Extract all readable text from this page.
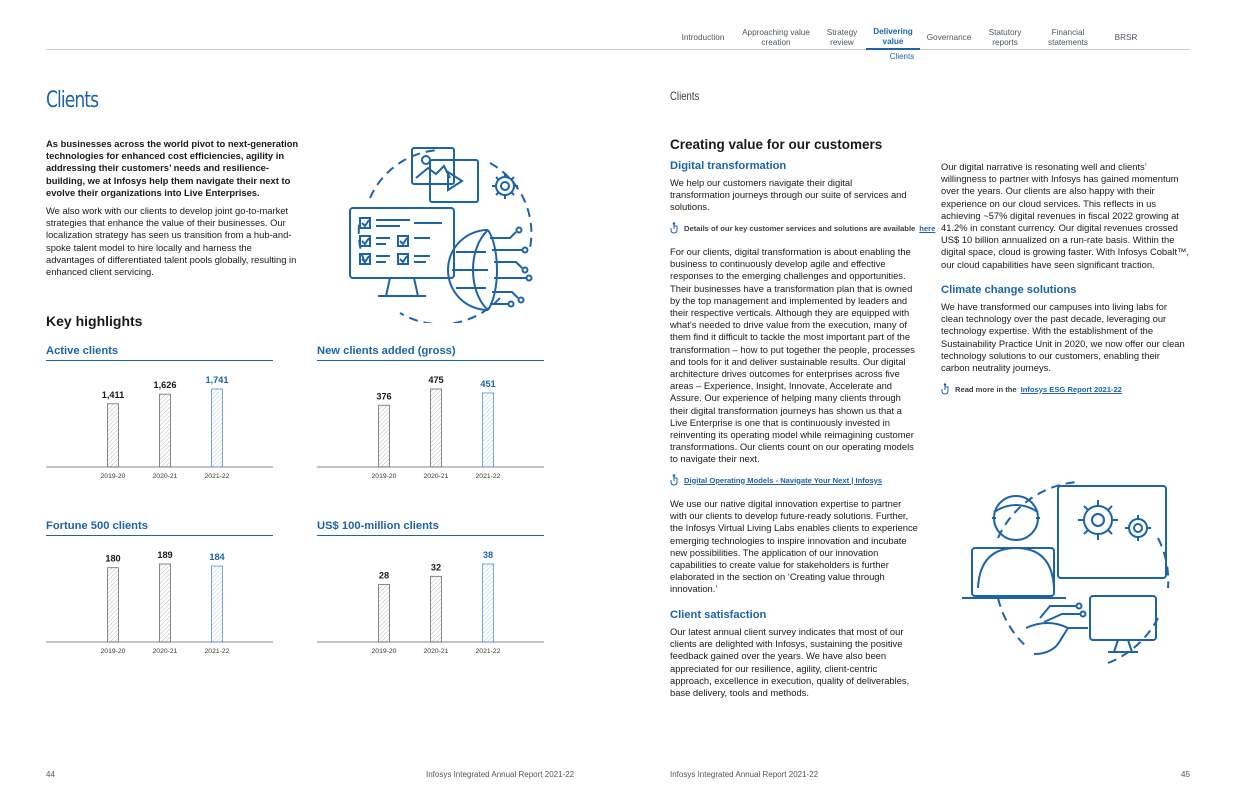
Introduction
Approaching value creation
Strategy review
Delivering value	Governance
Statutory reports
Financial statements
BRSR
Clients
Clients
As businesses across the world pivot to next-generation technologies for enhanced cost efficiencies, agility in addressing their customers’ needs and resilience-building, we at Infosys help them navigate their next to evolve their organizations into Live Enterprises.
We also work with our clients to develop joint go-to-market strategies that enhance the value of their businesses. Our localization strategy has seen us transition from a hub-and-spoke talent model to hire locally and harness the advantages of differentiated talent pools globally, resulting in enhanced client servicing.
Key highlights
Active clients
1,411
2019-20
1,626
2020-21
1,741
2021-22
New clients added (gross)
376
2019-20
475
2020-21
451
2021-22
Fortune 500 clients
180
2019-20
189
2020-21
184
2021-22
US$ 100-million clients
28
2019-20
32
2020-21
38
2021-22
44	Infosys Integrated Annual Report 2021-22
Clients
Creating value for our customers
Digital transformation
We help our customers navigate their digital transformation journeys through our suite of services and solutions.
Details of our key customer services and solutions are available here
For our clients, digital transformation is about enabling the business to continuously develop agile and effective responses to the emerging challenges and opportunities. Their businesses have a transformation plan that is owned by the top management and implemented by leaders and their respective verticals. Although they are equipped with what’s needed to drive value from the execution, many of them find it difficult to tackle the most important part of the transformation – how to put together the people, processes and tools for it and deliver sustainable results. Our digital architecture drives outcomes for enterprises across five areas – Experience, Insight, Innovate, Accelerate and Assure. Our experience of helping many clients through their digital transformation journeys has shown us that a Live Enterprise is one that is continuously invested in reinventing its operating model while reimagining customer transformations. Our clients count on our operating models to navigate their next.
Digital Operating Models - Navigate Your Next | Infosys
We use our native digital innovation expertise to partner with our clients to develop future-ready solutions. Further, the Infosys Virtual Living Labs enables clients to experience emerging technologies to inspire innovation and incubate new possibilities. The application of our innovation capabilities to create value for stakeholders is further elaborated in the section on ‘Creating value through innovation.’
Client satisfaction
Our latest annual client survey indicates that most of our clients are delighted with Infosys, sustaining the positive feedback gained over the years. We have also been appreciated for our resilience, agility, client-centric approach, excellence in execution, quality of deliverables, base delivery, tools and methods.
Our digital narrative is resonating well and clients’ willingness to partner with Infosys has gained momentum over the years. Our clients are also happy with their experience on our cloud services. This reflects in us achieving ~57% digital revenues in fiscal 2022 growing at 41.2% in constant currency. Our digital revenues crossed US$ 10 billion annualized on a run-rate basis. Within the digital space, cloud is growing faster. With Infosys Cobalt™, our cloud capabilities have seen significant traction.
Climate change solutions
We have transformed our campuses into living labs for clean technology over the past decade, leveraging our technology expertise. With the establishment of the Sustainability Practice Unit in 2020, we now offer our clean technology solutions to our customers, enabling their carbon neutrality journeys.
Read more in the Infosys ESG Report 2021-22
Infosys Integrated Annual Report 2021-22	45
